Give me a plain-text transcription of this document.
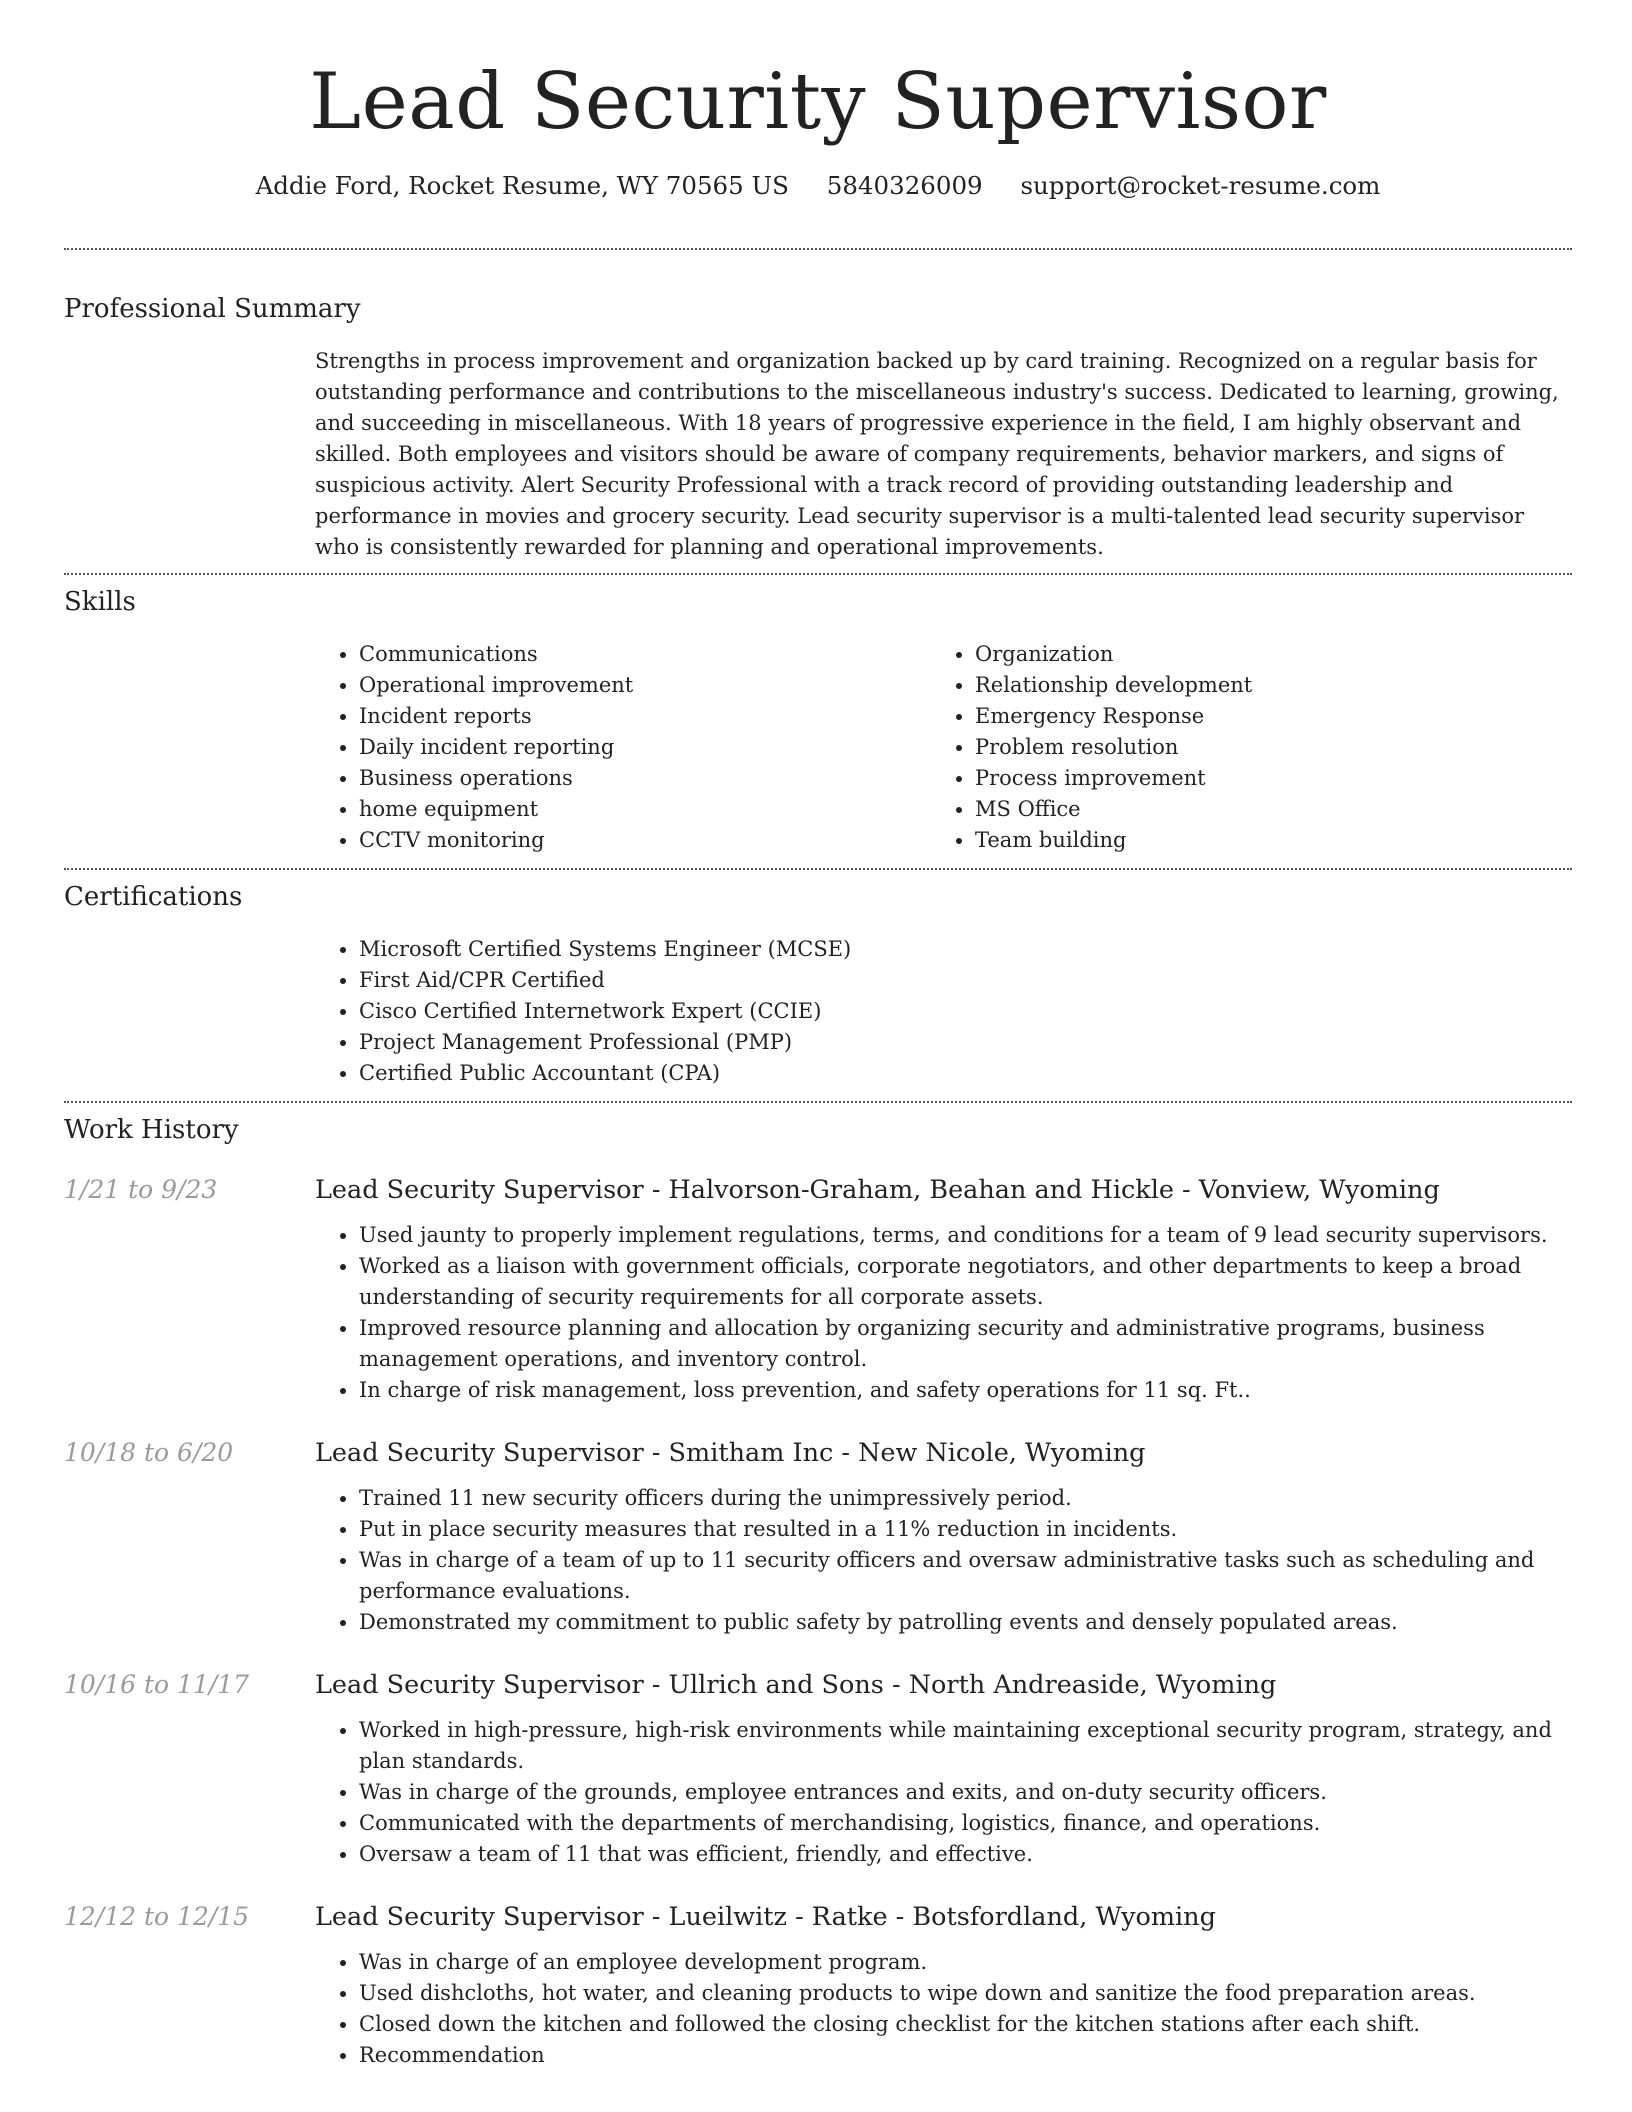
Lead Security Supervisor
Addie Ford, Rocket Resume, WY 70565 US 5840326009 support@rocket-resume.com
Professional Summary

Strengths in process improvement and organization backed up by card training. Recognized on a regular basis for outstanding performance and contributions to the miscellaneous industry's success. Dedicated to learning, growing, and succeeding in miscellaneous. With 18 years of progressive experience in the field, I am highly observant and skilled. Both employees and visitors should be aware of company requirements, behavior markers, and signs of suspicious activity. Alert Security Professional with a track record of providing outstanding leadership and performance in movies and grocery security. Lead security supervisor is a multi-talented lead security supervisor who is consistently rewarded for planning and operational improvements.

Skills
• Communications
• Operational improvement
• Incident reports
• Daily incident reporting
• Business operations
• home equipment
• CCTV monitoring
• Organization
• Relationship development
• Emergency Response
• Problem resolution
• Process improvement
• MS Office
• Team building
Certifications
• Microsoft Certified Systems Engineer (MCSE)
• First Aid/CPR Certified
• Cisco Certified Internetwork Expert (CCIE)
• Project Management Professional (PMP)
• Certified Public Accountant (CPA)
Work History
1/21 to 9/23	Lead Security Supervisor - Halvorson-Graham, Beahan and Hickle - Vonview, Wyoming
• Used jaunty to properly implement regulations, terms, and conditions for a team of 9 lead security supervisors.
• Worked as a liaison with government officials, corporate negotiators, and other departments to keep a broad understanding of security requirements for all corporate assets.
• Improved resource planning and allocation by organizing security and administrative programs, business management operations, and inventory control.
• In charge of risk management, loss prevention, and safety operations for 11 sq. Ft..
10/18 to 6/20	Lead Security Supervisor - Smitham Inc - New Nicole, Wyoming
• Trained 11 new security officers during the unimpressively period.
• Put in place security measures that resulted in a 11% reduction in incidents.
• Was in charge of a team of up to 11 security officers and oversaw administrative tasks such as scheduling and performance evaluations.
• Demonstrated my commitment to public safety by patrolling events and densely populated areas.
10/16 to 11/17	Lead Security Supervisor - Ullrich and Sons - North Andreaside, Wyoming
• Worked in high-pressure, high-risk environments while maintaining exceptional security program, strategy, and plan standards.
• Was in charge of the grounds, employee entrances and exits, and on-duty security officers.
• Communicated with the departments of merchandising, logistics, finance, and operations.
• Oversaw a team of 11 that was efficient, friendly, and effective.
12/12 to 12/15	Lead Security Supervisor - Lueilwitz - Ratke - Botsfordland, Wyoming
• Was in charge of an employee development program.
• Used dishcloths, hot water, and cleaning products to wipe down and sanitize the food preparation areas.
• Closed down the kitchen and followed the closing checklist for the kitchen stations after each shift.
• Recommendation
